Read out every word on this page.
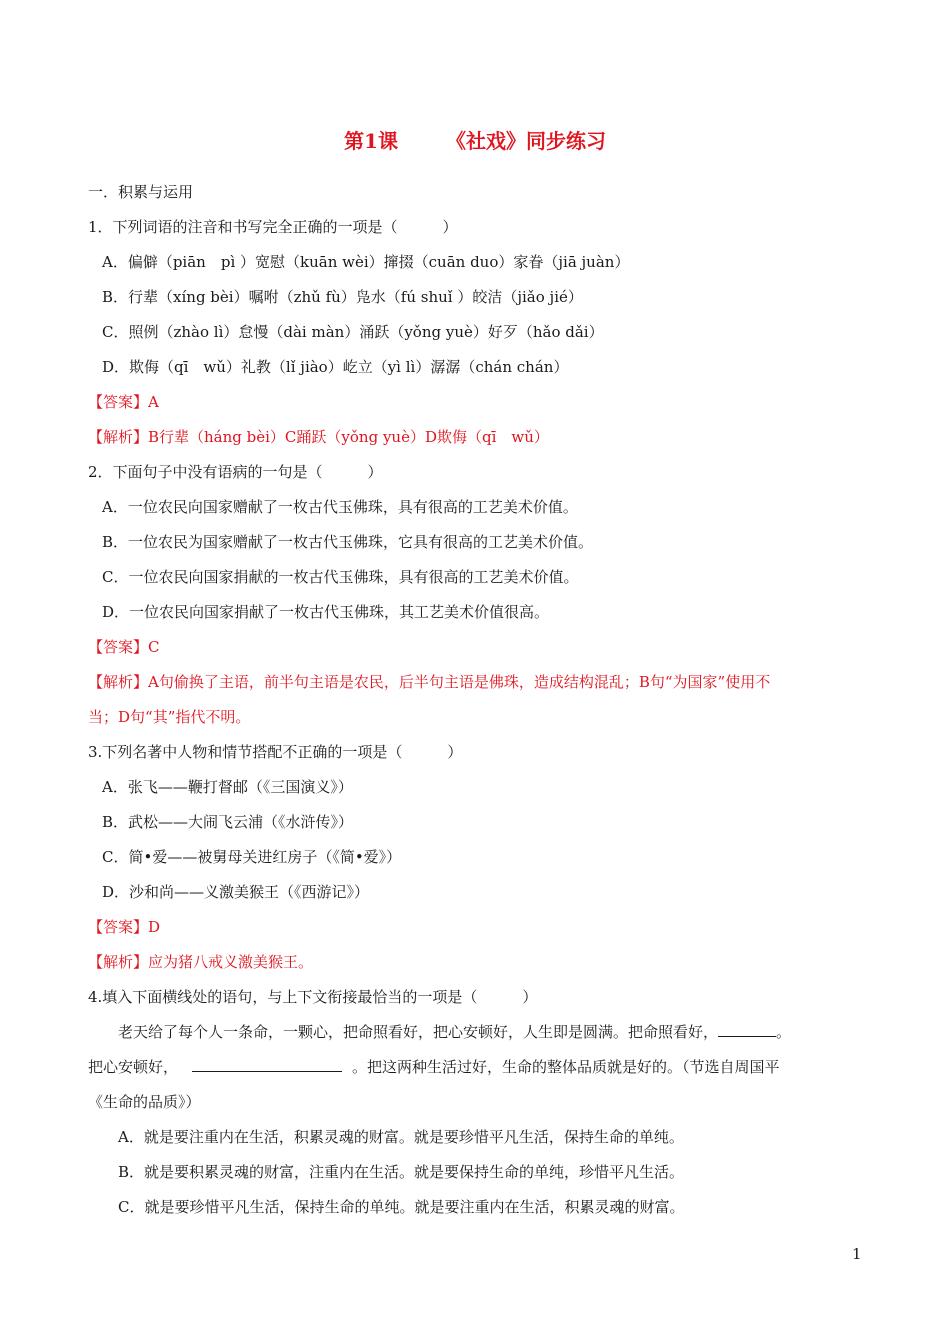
第1课 《社戏》同步练习
一．积累与运用
1．下列词语的注音和书写完全正确的一项是（　　　）
A．偏僻（piān　pì ）宽慰（kuān wèi）撺掇（cuān duo）家眷（jiā juàn）
B．行辈（xíng bèi）嘱咐（zhǔ fù）凫水（fú shuǐ ）皎洁（jiǎo jié）
C．照例（zhào lì）怠慢（dài màn）涌跃（yǒng yuè）好歹（hǎo dǎi）
D．欺侮（qī　wǔ）礼教（lǐ jiào）屹立（yì lì）潺潺（chán chán）
【答案】A
【解析】B行辈（háng bèi）C踊跃（yǒng yuè）D欺侮（qī　wǔ）
2．下面句子中没有语病的一句是（　　　）
A．一位农民向国家赠献了一枚古代玉佛珠，具有很高的工艺美术价值。
B．一位农民为国家赠献了一枚古代玉佛珠，它具有很高的工艺美术价值。
C．一位农民向国家捐献的一枚古代玉佛珠，具有很高的工艺美术价值。
D．一位农民向国家捐献了一枚古代玉佛珠，其工艺美术价值很高。
【答案】C
【解析】A句偷换了主语，前半句主语是农民，后半句主语是佛珠，造成结构混乱；B句“为国家”使用不
当；D句“其”指代不明。
3.下列名著中人物和情节搭配不正确的一项是（　　　）
A．张飞——鞭打督邮（《三国演义》）
B．武松——大闹飞云浦（《水浒传》）
C．简•爱——被舅母关进红房子（《简•爱》）
D．沙和尚——义激美猴王（《西游记》）
【答案】D
【解析】应为猪八戒义激美猴王。
4.填入下面横线处的语句，与上下文衔接最恰当的一项是（　　　）
老天给了每个人一条命，一颗心，把命照看好，把心安顿好，人生即是圆满。把命照看好，	。
把心安顿好，	。把这两种生活过好，生命的整体品质就是好的。（节选自周国平
《生命的品质》）
A．就是要注重内在生活，积累灵魂的财富。就是要珍惜平凡生活，保持生命的单纯。
B．就是要积累灵魂的财富，注重内在生活。就是要保持生命的单纯，珍惜平凡生活。
C．就是要珍惜平凡生活，保持生命的单纯。就是要注重内在生活，积累灵魂的财富。
1
